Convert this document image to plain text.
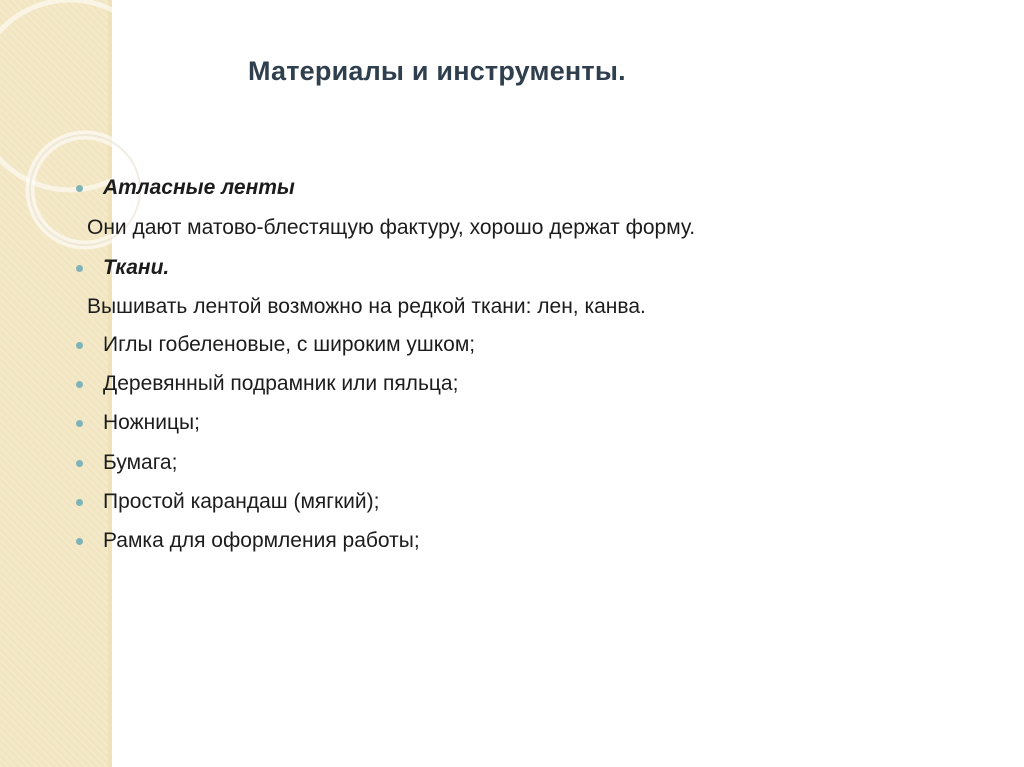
Материалы и инструменты.
Атласные ленты
Они дают матово-блестящую фактуру, хорошо держат форму.
Ткани.
Вышивать лентой возможно на редкой ткани: лен, канва.
Иглы гобеленовые, с широким ушком;
Деревянный подрамник или пяльца;
Ножницы;
Бумага;
Простой карандаш (мягкий);
Рамка для оформления работы;
